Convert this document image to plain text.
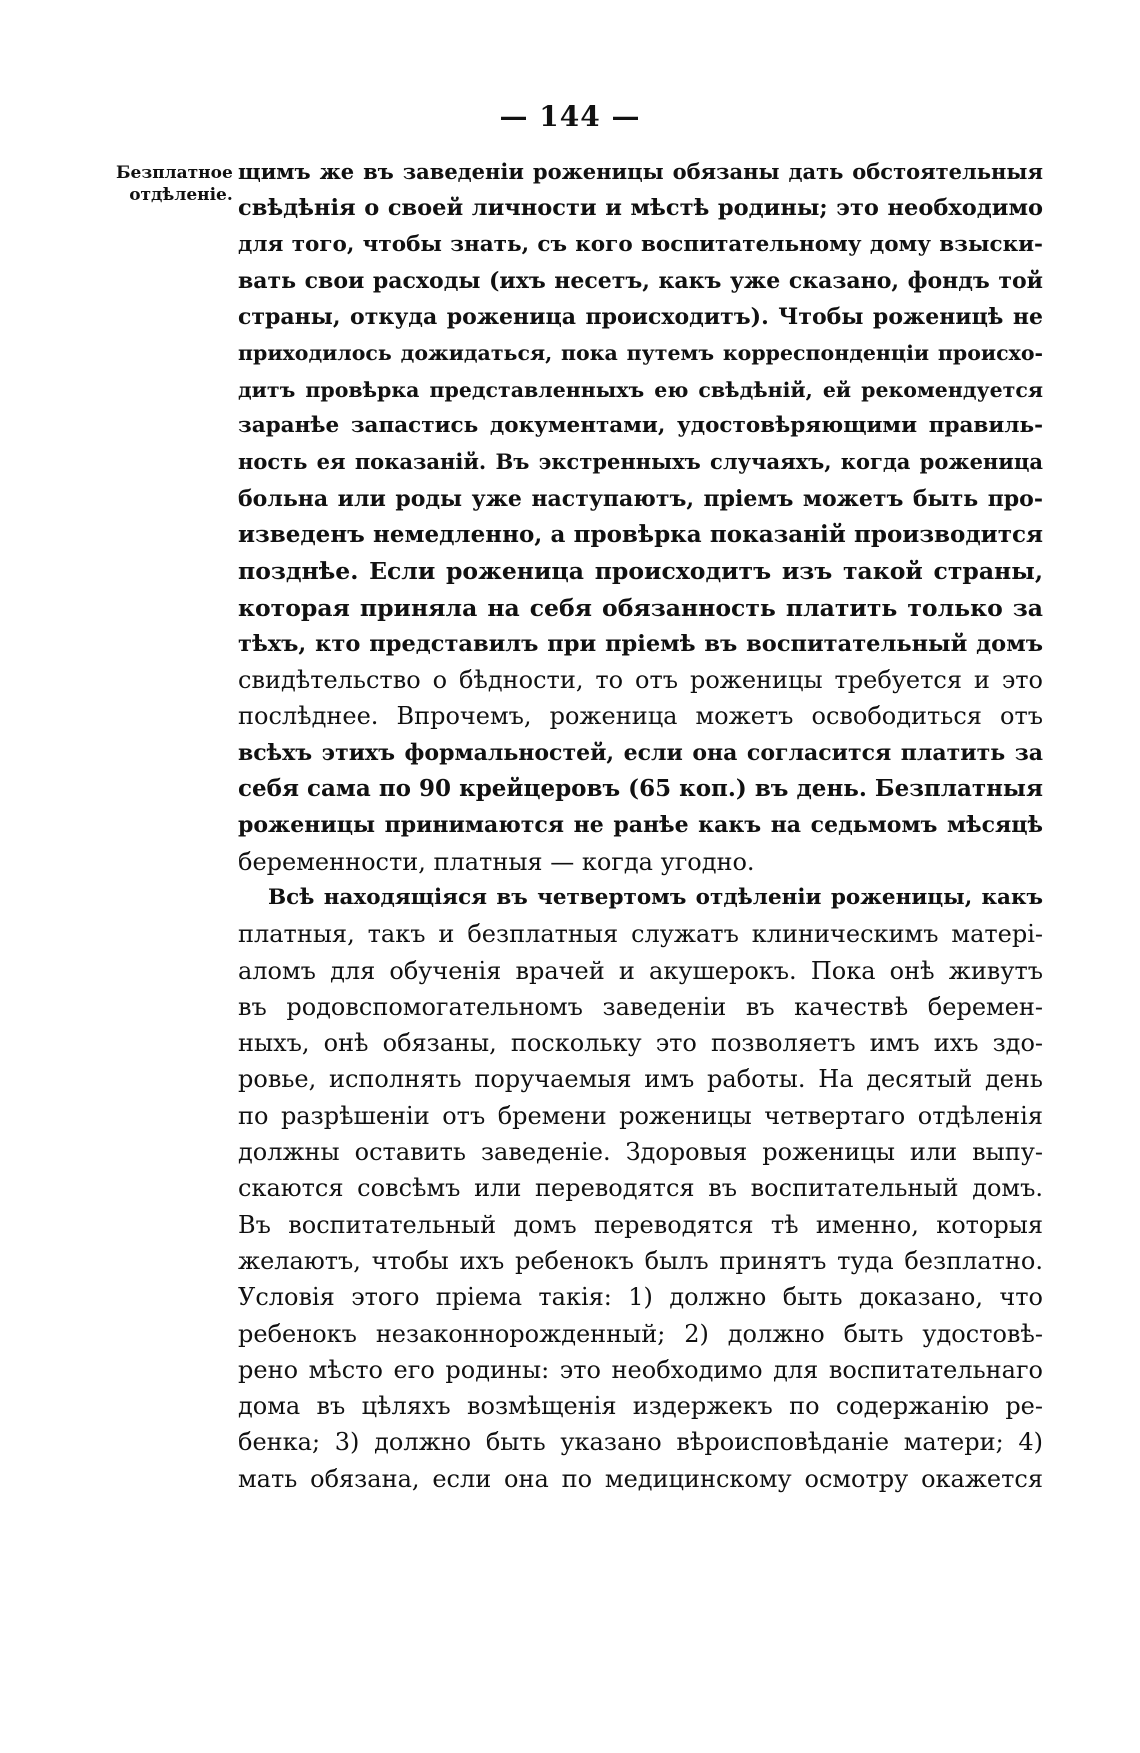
— 144 —
Безплатное
отдѣленіе.
щимъ же въ заведеніи роженицы обязаны дать обстоятельныя
свѣдѣнія о своей личности и мѣстѣ родины; это необходимо
для того, чтобы знать, съ кого воспитательному дому взыски-
вать свои расходы (ихъ несетъ, какъ уже сказано, фондъ той
страны, откуда роженица происходитъ). Чтобы роженицѣ не
приходилось дожидаться, пока путемъ корреспонденціи происхо-
дитъ провѣрка представленныхъ ею свѣдѣній, ей рекомендуется
заранѣе запастись документами, удостовѣряющими правиль-
ность ея показаній. Въ экстренныхъ случаяхъ, когда роженица
больна или роды уже наступаютъ, пріемъ можетъ быть про-
изведенъ немедленно, а провѣрка показаній производится
позднѣе. Если роженица происходитъ изъ такой страны,
которая приняла на себя обязанность платить только за
тѣхъ, кто представилъ при пріемѣ въ воспитательный домъ
свидѣтельство о бѣдности, то отъ роженицы требуется и это
послѣднее. Впрочемъ, роженица можетъ освободиться отъ
всѣхъ этихъ формальностей, если она согласится платить за
себя сама по 90 крейцеровъ (65 коп.) въ день. Безплатныя
роженицы принимаются не ранѣе какъ на седьмомъ мѣсяцѣ
беременности, платныя — когда угодно.
Всѣ находящіяся въ четвертомъ отдѣленіи роженицы, какъ
платныя, такъ и безплатныя служатъ клиническимъ матері-
аломъ для обученія врачей и акушерокъ. Пока онѣ живутъ
въ родовспомогательномъ заведеніи въ качествѣ беремен-
ныхъ, онѣ обязаны, поскольку это позволяетъ имъ ихъ здо-
ровье, исполнять поручаемыя имъ работы. На десятый день
по разрѣшеніи отъ бремени роженицы четвертаго отдѣленія
должны оставить заведеніе. Здоровыя роженицы или выпу-
скаются совсѣмъ или переводятся въ воспитательный домъ.
Въ воспитательный домъ переводятся тѣ именно, которыя
желаютъ, чтобы ихъ ребенокъ былъ принятъ туда безплатно.
Условія этого пріема такія: 1) должно быть доказано, что
ребенокъ незаконнорожденный; 2) должно быть удостовѣ-
рено мѣсто его родины: это необходимо для воспитательнаго
дома въ цѣляхъ возмѣщенія издержекъ по содержанію ре-
бенка; 3) должно быть указано вѣроисповѣданіе матери; 4)
мать обязана, если она по медицинскому осмотру окажется
